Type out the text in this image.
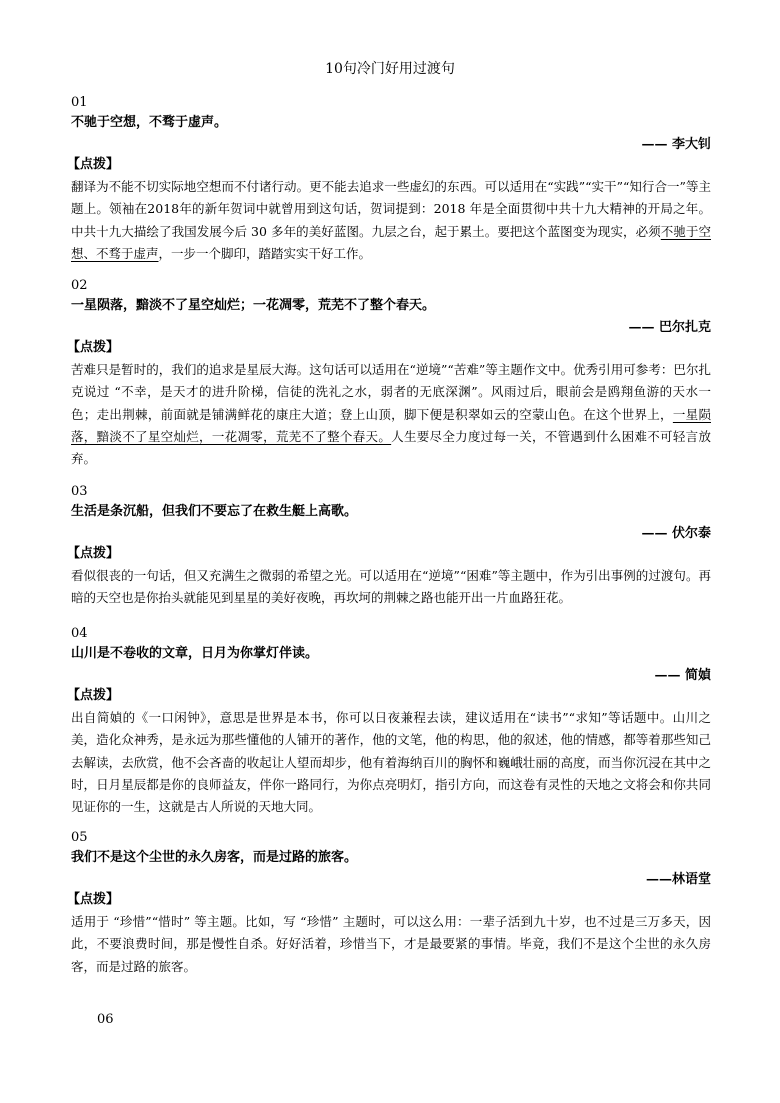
10句冷门好用过渡句
01
不驰于空想，不骛于虚声。
—— 李大钊
【点拨】

翻译为不能不切实际地空想而不付诸行动。更不能去追求一些虚幻的东西。可以适用在“实践”“实干”“知行合一”等主题上。领袖在2018年的新年贺词中就曾用到这句话，贺词提到：2018 年是全面贯彻中共十九大精神的开局之年。中共十九大描绘了我国发展今后 30 多年的美好蓝图。九层之台，起于累土。要把这个蓝图变为现实，必须不驰于空想、不骛于虚声，一步一个脚印，踏踏实实干好工作。

02
一星陨落，黯淡不了星空灿烂；一花凋零，荒芜不了整个春天。
—— 巴尔扎克
【点拨】

苦难只是暂时的，我们的追求是星辰大海。这句话可以适用在“逆境”“苦难”等主题作文中。优秀引用可参考：巴尔扎克说过 “不幸，是天才的进升阶梯，信徒的洗礼之水，弱者的无底深渊”。风雨过后，眼前会是鸥翔鱼游的天水一色；走出荆棘，前面就是铺满鲜花的康庄大道；登上山顶，脚下便是积翠如云的空蒙山色。在这个世界上，一星陨落，黯淡不了星空灿烂，一花凋零，荒芜不了整个春天。人生要尽全力度过每一关，不管遇到什么困难不可轻言放弃。

03
生活是条沉船，但我们不要忘了在救生艇上高歌。
—— 伏尔泰
【点拨】

看似很丧的一句话，但又充满生之微弱的希望之光。可以适用在“逆境”“困难”等主题中，作为引出事例的过渡句。再暗的天空也是你抬头就能见到星星的美好夜晚，再坎坷的荆棘之路也能开出一片血路狂花。

04
山川是不卷收的文章，日月为你掌灯伴读。
—— 简媜
【点拨】

出自简媜的《一口闲钟》，意思是世界是本书，你可以日夜兼程去读，建议适用在“读书”“求知”等话题中。山川之美，造化众神秀，是永远为那些懂他的人铺开的著作，他的文笔，他的构思，他的叙述，他的情感，都等着那些知己去解读，去欣赏，他不会吝啬的收起让人望而却步，他有着海纳百川的胸怀和巍峨壮丽的高度，而当你沉浸在其中之时，日月星辰都是你的良师益友，伴你一路同行，为你点亮明灯，指引方向，而这卷有灵性的天地之文将会和你共同见证你的一生，这就是古人所说的天地大同。

05
我们不是这个尘世的永久房客，而是过路的旅客。
——林语堂
【点拨】

适用于 “珍惜”“惜时” 等主题。比如，写 “珍惜” 主题时，可以这么用：一辈子活到九十岁，也不过是三万多天，因此，不要浪费时间，那是慢性自杀。好好活着，珍惜当下，才是最要紧的事情。毕竟，我们不是这个尘世的永久房客，而是过路的旅客。

06
